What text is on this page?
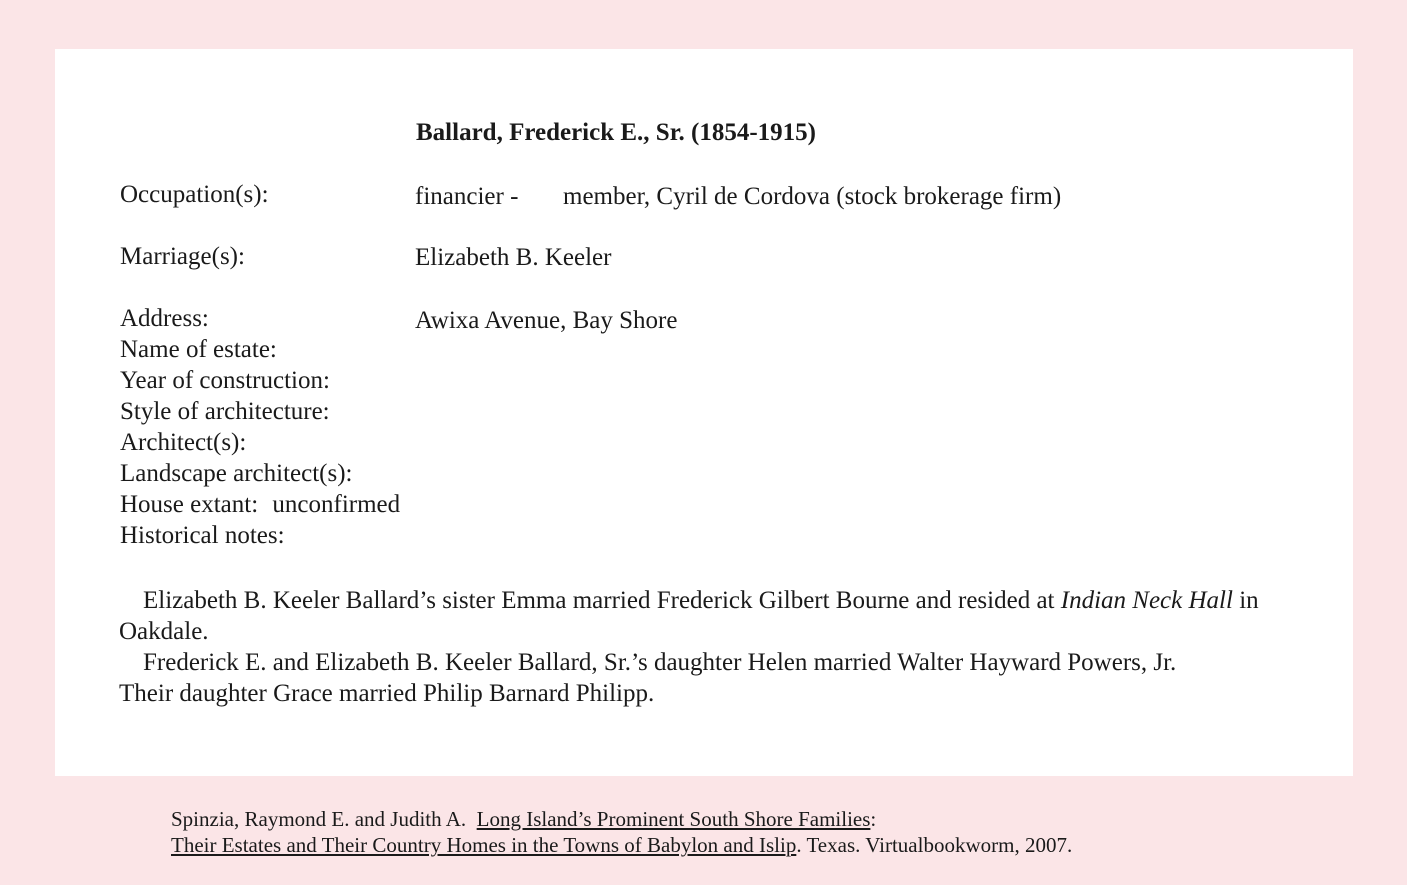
Ballard, Frederick E., Sr. (1854-1915)
Occupation(s):	financier - member, Cyril de Cordova (stock brokerage firm)
Marriage(s):	Elizabeth B. Keeler
Address:	Awixa Avenue, Bay Shore
Name of estate:
Year of construction:
Style of architecture:
Architect(s):
Landscape architect(s):
House extant: unconfirmed
Historical notes:

Elizabeth B. Keeler Ballard’s sister Emma married Frederick Gilbert Bourne and resided at Indian Neck Hall in Oakdale.

Frederick E. and Elizabeth B. Keeler Ballard, Sr.’s daughter Helen married Walter Hayward Powers, Jr.

Their daughter Grace married Philip Barnard Philipp.
Spinzia, Raymond E. and Judith A. Long Island’s Prominent South Shore Families:
Their Estates and Their Country Homes in the Towns of Babylon and Islip. Texas. Virtualbookworm, 2007.
